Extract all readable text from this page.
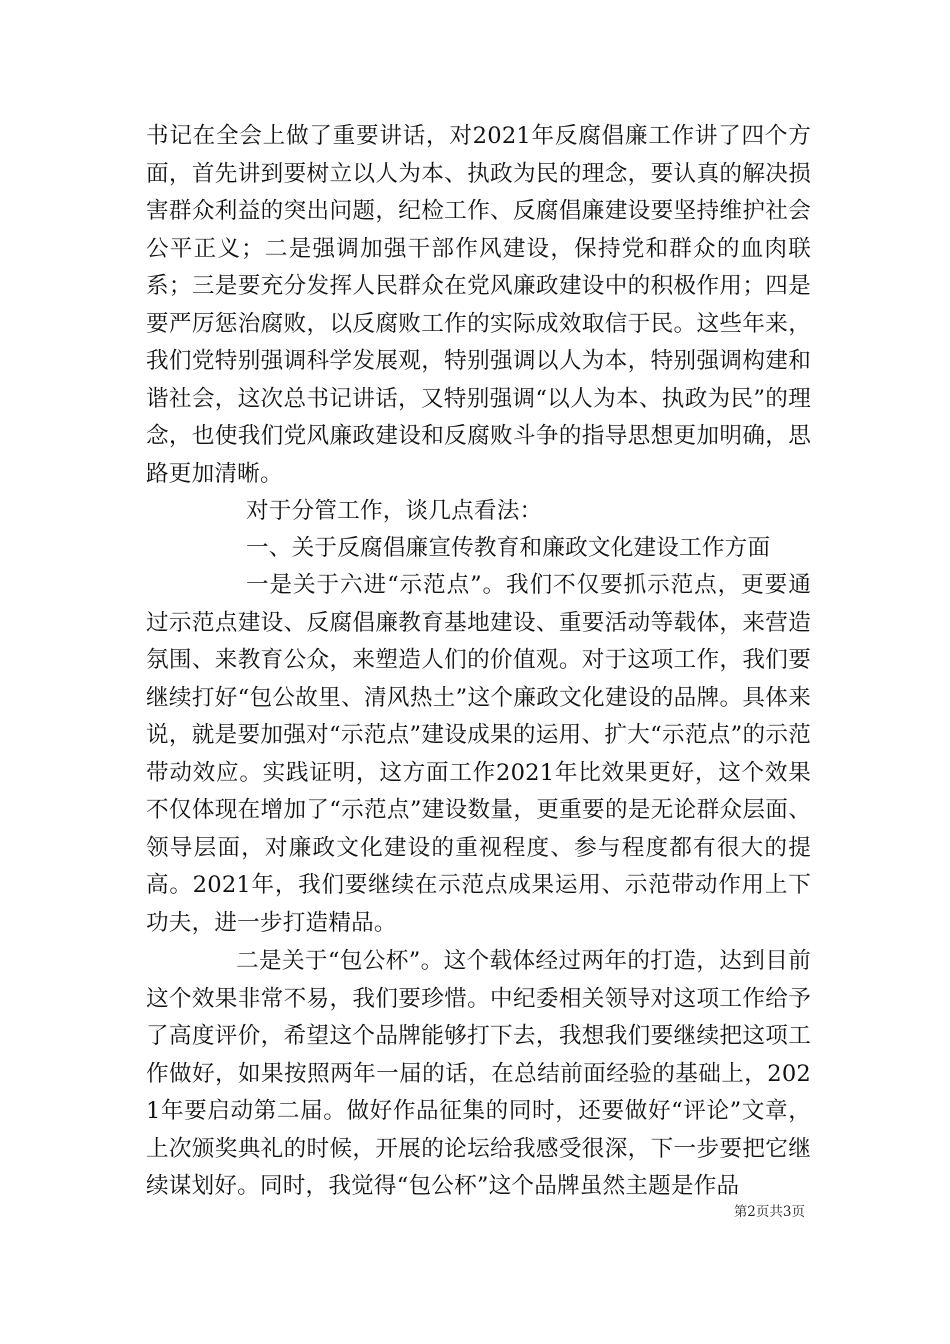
书记在全会上做了重要讲话，对2021年反腐倡廉工作讲了四个方面，首先讲到要树立以人为本、执政为民的理念，要认真的解决损害群众利益的突出问题，纪检工作、反腐倡廉建设要坚持维护社会公平正义；二是强调加强干部作风建设，保持党和群众的血肉联系；三是要充分发挥人民群众在党风廉政建设中的积极作用；四是要严厉惩治腐败，以反腐败工作的实际成效取信于民。这些年来，我们党特别强调科学发展观，特别强调以人为本，特别强调构建和谐社会，这次总书记讲话，又特别强调“以人为本、执政为民”的理念，也使我们党风廉政建设和反腐败斗争的指导思想更加明确，思路更加清晰。

对于分管工作，谈几点看法：

一、关于反腐倡廉宣传教育和廉政文化建设工作方面

一是关于六进“示范点”。我们不仅要抓示范点，更要通过示范点建设、反腐倡廉教育基地建设、重要活动等载体，来营造氛围、来教育公众，来塑造人们的价值观。对于这项工作，我们要继续打好“包公故里、清风热土”这个廉政文化建设的品牌。具体来说，就是要加强对“示范点”建设成果的运用、扩大“示范点”的示范带动效应。实践证明，这方面工作2021年比效果更好，这个效果不仅体现在增加了“示范点”建设数量，更重要的是无论群众层面、领导层面，对廉政文化建设的重视程度、参与程度都有很大的提高。2021年，我们要继续在示范点成果运用、示范带动作用上下功夫，进一步打造精品。

二是关于“包公杯”。这个载体经过两年的打造，达到目前这个效果非常不易，我们要珍惜。中纪委相关领导对这项工作给予了高度评价，希望这个品牌能够打下去，我想我们要继续把这项工作做好，如果按照两年一届的话，在总结前面经验的基础上，2021年要启动第二届。做好作品征集的同时，还要做好“评论”文章，上次颁奖典礼的时候，开展的论坛给我感受很深，下一步要把它继续谋划好。同时，我觉得“包公杯”这个品牌虽然主题是作品

第2页共3页
